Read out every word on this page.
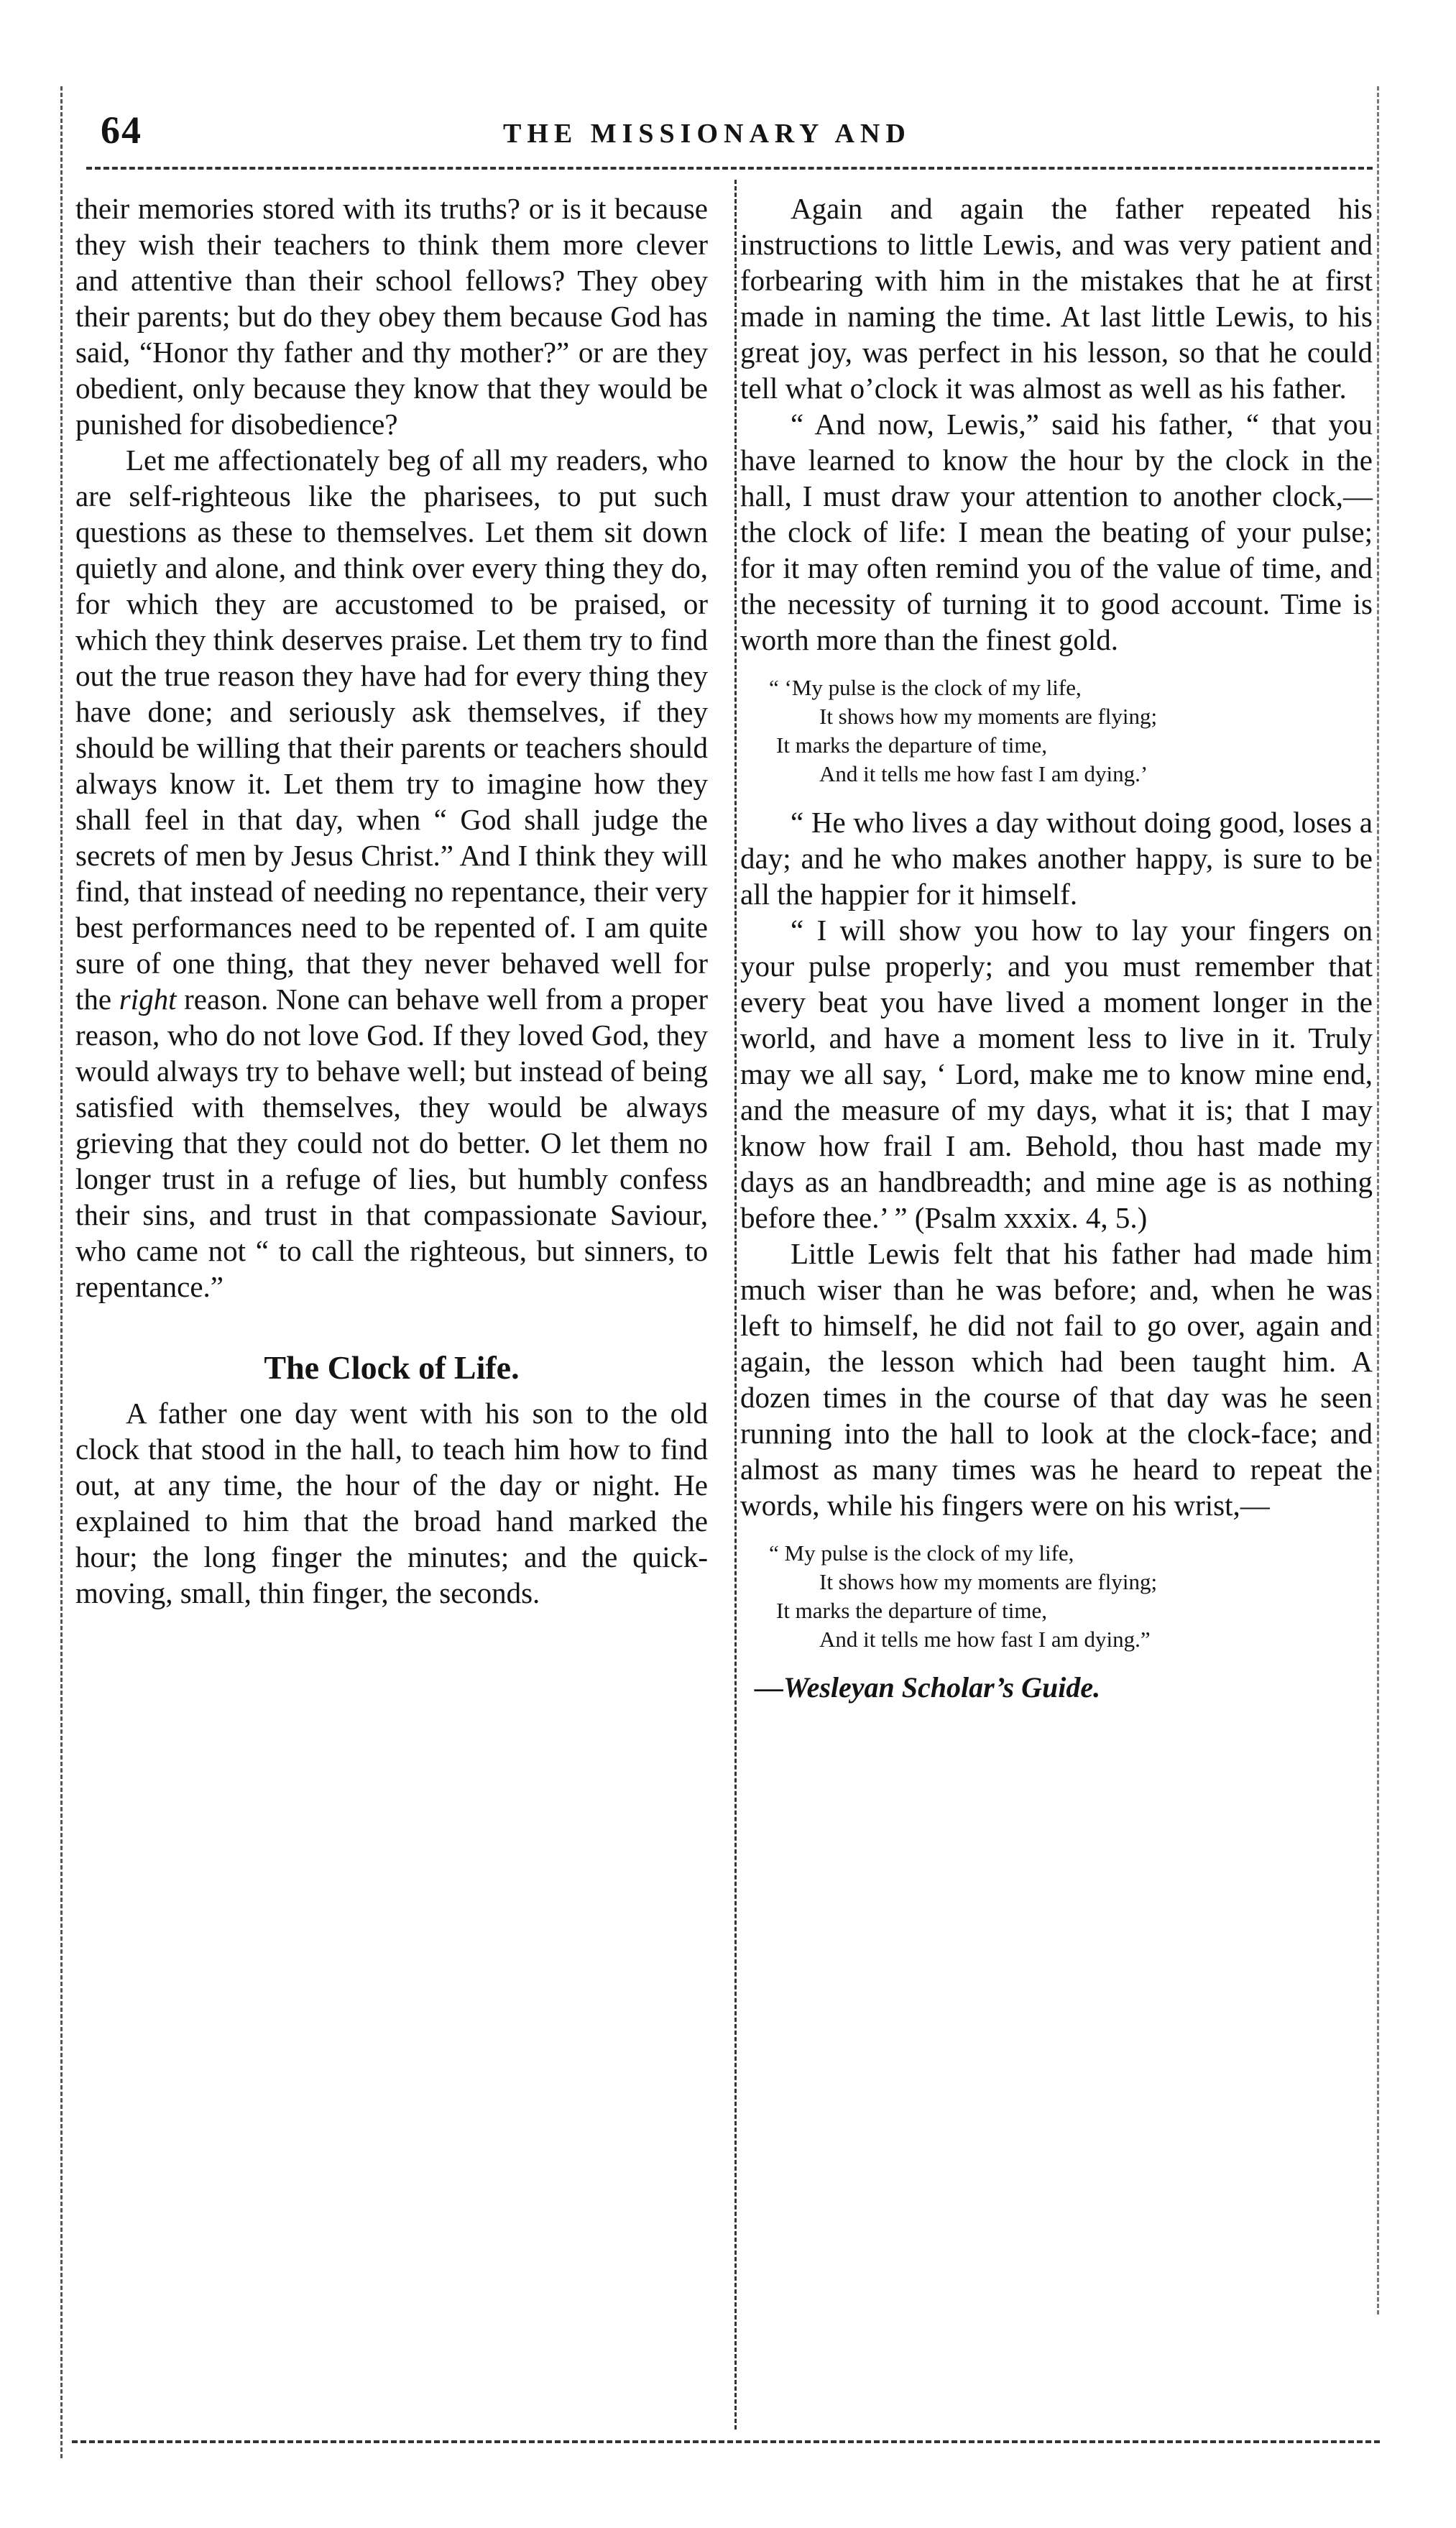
64	THE MISSIONARY AND

their memories stored with its truths? or is it because they wish their teachers to think them more clever and attentive than their school fellows? They obey their parents; but do they obey them because God has said, “Honor thy father and thy mother?” or are they obedient, only because they know that they would be punished for disobedience?

Let me affectionately beg of all my readers, who are self-righteous like the pharisees, to put such questions as these to themselves. Let them sit down quietly and alone, and think over every thing they do, for which they are accustomed to be praised, or which they think deserves praise. Let them try to find out the true reason they have had for every thing they have done; and seriously ask themselves, if they should be willing that their parents or teachers should always know it. Let them try to imagine how they shall feel in that day, when “ God shall judge the secrets of men by Jesus Christ.” And I think they will find, that instead of needing no repentance, their very best performances need to be repented of. I am quite sure of one thing, that they never behaved well for the right reason. None can behave well from a proper reason, who do not love God. If they loved God, they would always try to behave well; but instead of being satisfied with themselves, they would be always grieving that they could not do better. O let them no longer trust in a refuge of lies, but humbly confess their sins, and trust in that compassionate Saviour, who came not “ to call the righteous, but sinners, to repentance.”

The Clock of Life.

A father one day went with his son to the old clock that stood in the hall, to teach him how to find out, at any time, the hour of the day or night. He explained to him that the broad hand marked the hour; the long finger the minutes; and the quick-moving, small, thin finger, the seconds.

Again and again the father repeated his instructions to little Lewis, and was very patient and forbearing with him in the mistakes that he at first made in naming the time. At last little Lewis, to his great joy, was perfect in his lesson, so that he could tell what o’clock it was almost as well as his father.

“ And now, Lewis,” said his father, “ that you have learned to know the hour by the clock in the hall, I must draw your attention to another clock,— the clock of life: I mean the beating of your pulse; for it may often remind you of the value of time, and the necessity of turning it to good account. Time is worth more than the finest gold.

“ ‘My pulse is the clock of my life,
It shows how my moments are flying;
It marks the departure of time,
And it tells me how fast I am dying.’

“ He who lives a day without doing good, loses a day; and he who makes another happy, is sure to be all the happier for it himself.

“ I will show you how to lay your fingers on your pulse properly; and you must remember that every beat you have lived a moment longer in the world, and have a moment less to live in it. Truly may we all say, ‘ Lord, make me to know mine end, and the measure of my days, what it is; that I may know how frail I am. Behold, thou hast made my days as an handbreadth; and mine age is as nothing before thee.’ ” (Psalm xxxix. 4, 5.)

Little Lewis felt that his father had made him much wiser than he was before; and, when he was left to himself, he did not fail to go over, again and again, the lesson which had been taught him. A dozen times in the course of that day was he seen running into the hall to look at the clock-face; and almost as many times was he heard to repeat the words, while his fingers were on his wrist,—

“ My pulse is the clock of my life,
It shows how my moments are flying;
It marks the departure of time,
And it tells me how fast I am dying.”
—Wesleyan Scholar’s Guide.
